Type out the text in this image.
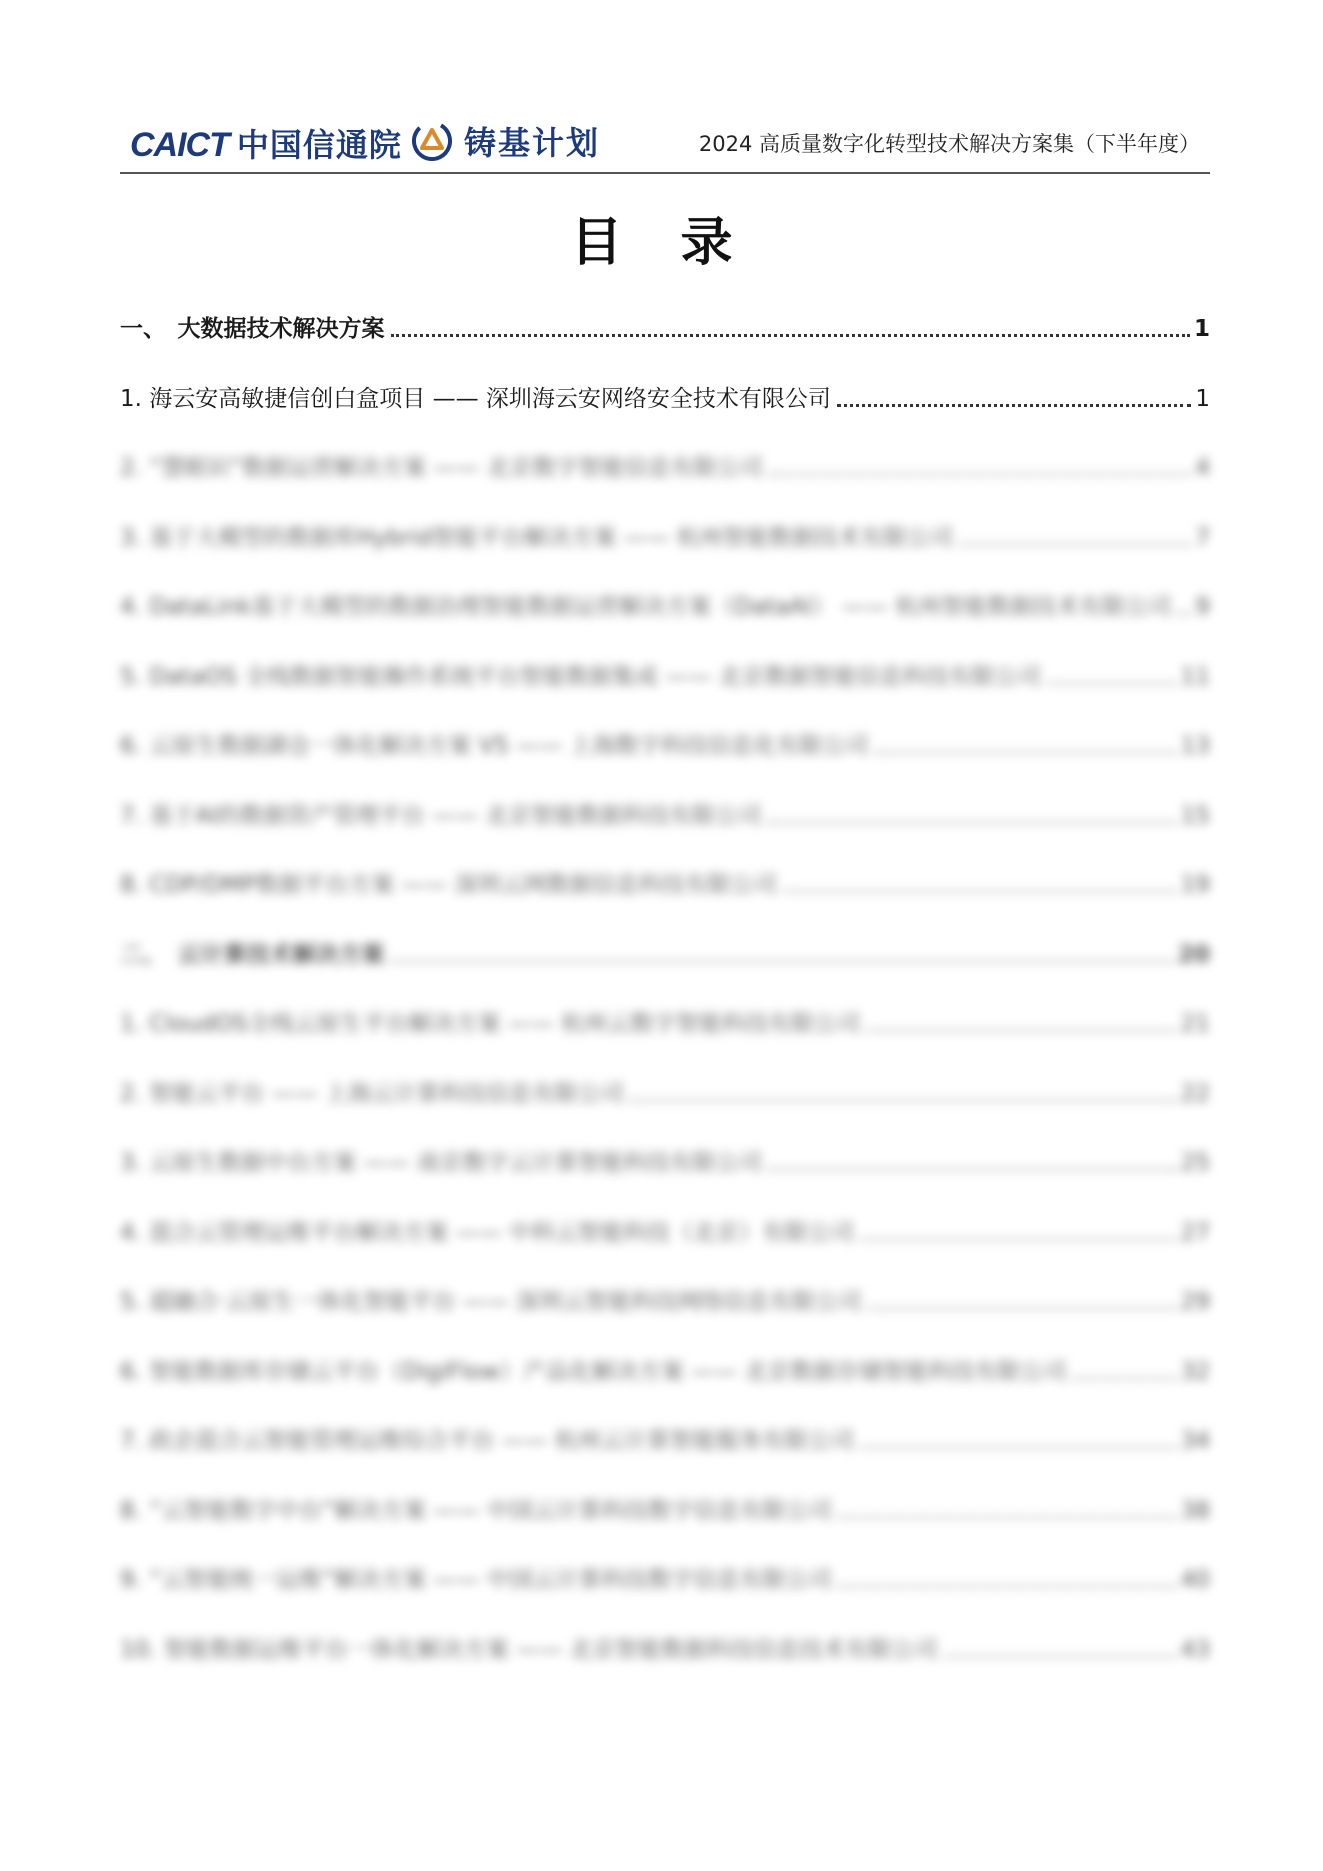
CAICT 中国信通院 铸基计划	2024 高质量数字化转型技术解决方案集（下半年度）
目 录
一、　大数据技术解决方案	1
1. 海云安高敏捷信创白盒项目 —— 深圳海云安网络安全技术有限公司	1
2. “慧眼识”数据运营解决方案 —— 北京数字智能信息有限公司	4
3. 基于大模型的数据库Hybrid智能平台解决方案 —— 杭州智能数据技术有限公司	7
4. DataLink基于大模型的数据治理智能数据运营解决方案（DataAI） —— 杭州智能数据技术有限公司 9
5. DataOS 全栈数据智能操作系统平台智能数据集成 —— 北京数据智能信息科技有限公司	11
6. 云原生数据湖仓一体化解决方案 V5 —— 上海数字科技信息化有限公司	13
7. 基于AI的数据资产管理平台 —— 北京智能数据科技有限公司	15
8. CDP/DMP数据平台方案 —— 深圳云网数据信息科技有限公司	19
二、　云计算技术解决方案	20
1. CloudOS全栈云原生平台解决方案 —— 杭州云数字智能科技有限公司	21
2. 智能云平台 —— 上海云计算科技信息有限公司	22
3. 云原生数据中台方案 —— 南京数字云计算智能科技有限公司	25
4. 混合云管理运维平台解决方案 —— 中科云智能科技（北京）有限公司	27
5. 超融合·云原生一体化智能平台 —— 深圳云智能科技网络信息有限公司	29
6. 智能数据库存储云平台（DigiFlow）产品化解决方案 —— 北京数据存储智能科技有限公司	32
7. 政企混合云智能管理运维综合平台 —— 杭州云计算智能服务有限公司	34
8. “云智能数字中台”解决方案 —— 中国云计算科技数字信息有限公司	38
9. “云智能统一运维”解决方案 —— 中国云计算科技数字信息有限公司	40
10. 智能数据运维平台一体化解决方案 —— 北京智能数据科技信息技术有限公司	43
